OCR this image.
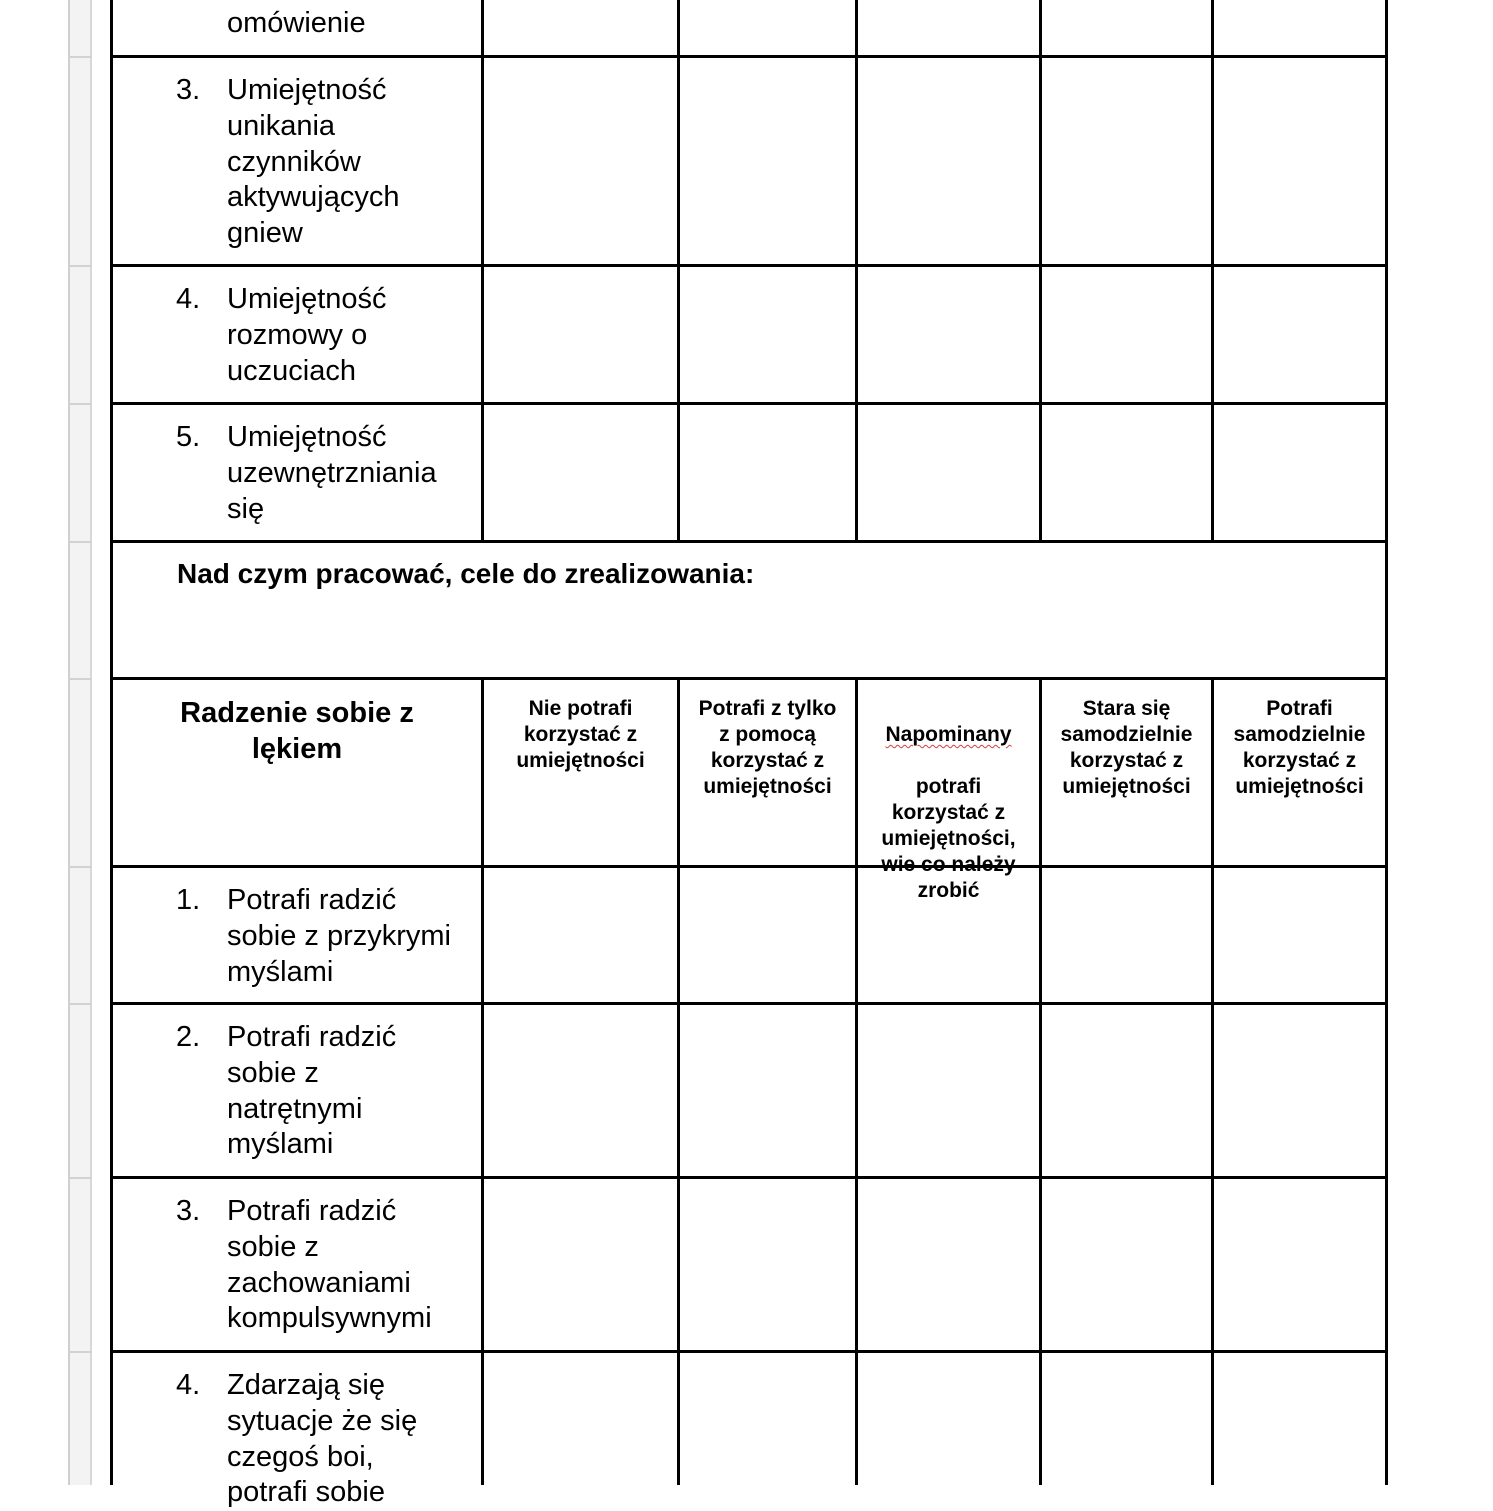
omówienie
3. Umiejętność
unikania
czynników
aktywujących
gniew
4. Umiejętność
rozmowy o
uczuciach
5. Umiejętność
uzewnętrzniania
się
Nad czym pracować, cele do zrealizowania:
Radzenie sobie z
lękiem
Nie potrafi
korzystać z
umiejętności
Potrafi z tylko
z pomocą
korzystać z
umiejętności

Napominany

potrafi
korzystać z
umiejętności,
wie co należy
zrobić

Stara się
samodzielnie
korzystać z
umiejętności
Potrafi
samodzielnie
korzystać z
umiejętności
1. Potrafi radzić
sobie z przykrymi
myślami
2. Potrafi radzić
sobie z
natrętnymi
myślami
3. Potrafi radzić
sobie z
zachowaniami
kompulsywnymi
4. Zdarzają się
sytuacje że się
czegoś boi,
potrafi sobie
